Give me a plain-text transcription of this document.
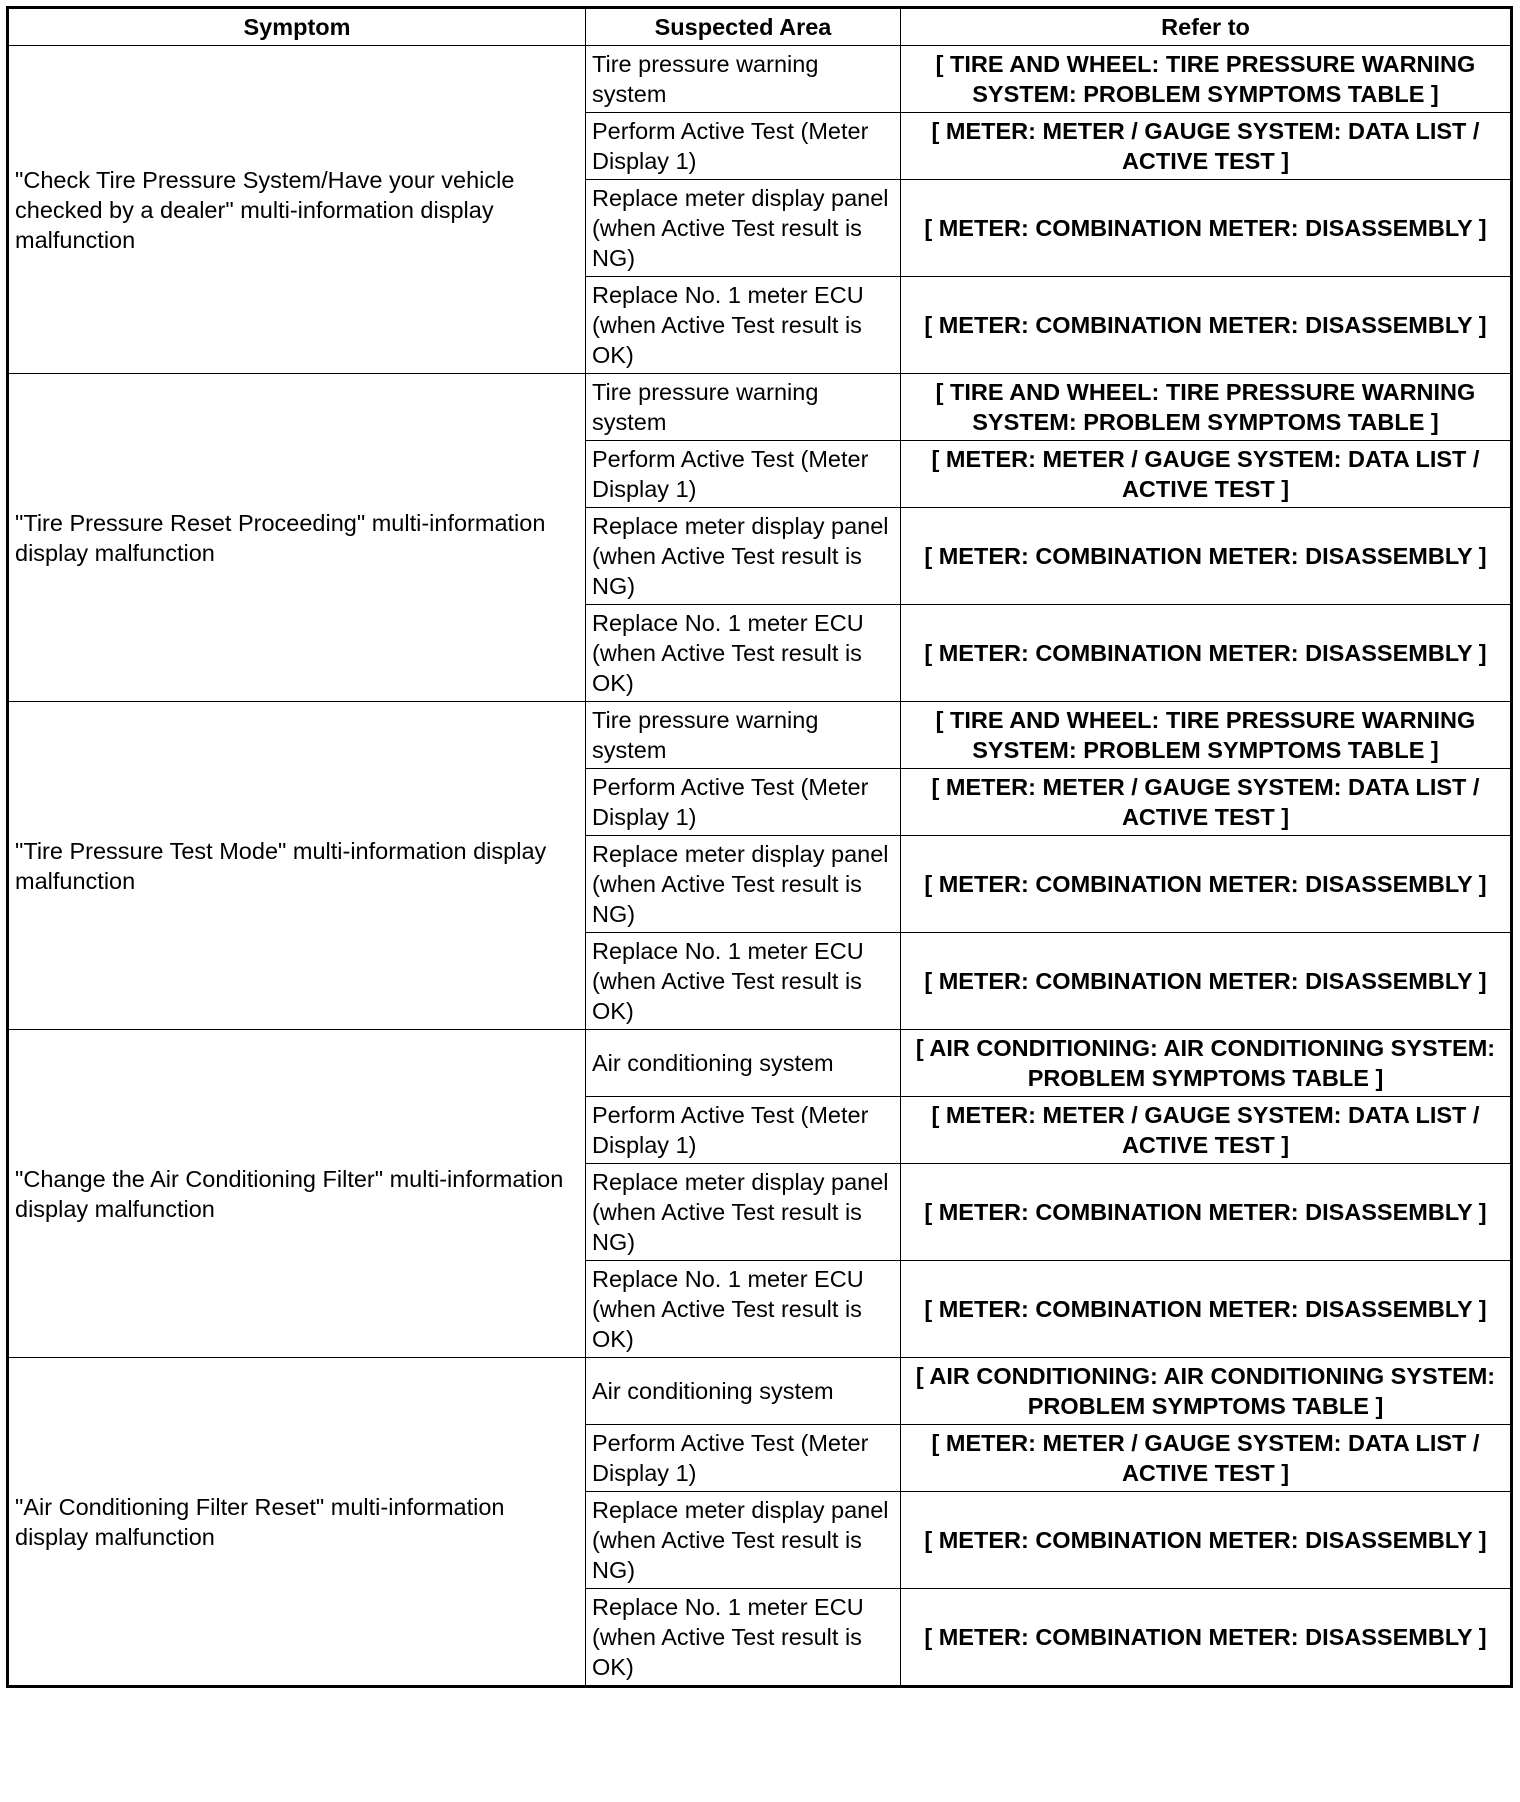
Symptom	Suspected Area	Refer to
"Check Tire Pressure System/Have your vehicle checked by a dealer" multi-information display malfunction	Tire pressure warning system	[ TIRE AND WHEEL: TIRE PRESSURE WARNING SYSTEM: PROBLEM SYMPTOMS TABLE ]
	Perform Active Test (Meter Display 1)	[ METER: METER / GAUGE SYSTEM: DATA LIST / ACTIVE TEST ]
	Replace meter display panel (when Active Test result is NG)	[ METER: COMBINATION METER: DISASSEMBLY ]
	Replace No. 1 meter ECU (when Active Test result is OK)	[ METER: COMBINATION METER: DISASSEMBLY ]
"Tire Pressure Reset Proceeding" multi-information display malfunction	Tire pressure warning system	[ TIRE AND WHEEL: TIRE PRESSURE WARNING SYSTEM: PROBLEM SYMPTOMS TABLE ]
	Perform Active Test (Meter Display 1)	[ METER: METER / GAUGE SYSTEM: DATA LIST / ACTIVE TEST ]
	Replace meter display panel (when Active Test result is NG)	[ METER: COMBINATION METER: DISASSEMBLY ]
	Replace No. 1 meter ECU (when Active Test result is OK)	[ METER: COMBINATION METER: DISASSEMBLY ]
"Tire Pressure Test Mode" multi-information display malfunction	Tire pressure warning system	[ TIRE AND WHEEL: TIRE PRESSURE WARNING SYSTEM: PROBLEM SYMPTOMS TABLE ]
	Perform Active Test (Meter Display 1)	[ METER: METER / GAUGE SYSTEM: DATA LIST / ACTIVE TEST ]
	Replace meter display panel (when Active Test result is NG)	[ METER: COMBINATION METER: DISASSEMBLY ]
	Replace No. 1 meter ECU (when Active Test result is OK)	[ METER: COMBINATION METER: DISASSEMBLY ]
"Change the Air Conditioning Filter" multi-information display malfunction	Air conditioning system	[ AIR CONDITIONING: AIR CONDITIONING SYSTEM: PROBLEM SYMPTOMS TABLE ]
	Perform Active Test (Meter Display 1)	[ METER: METER / GAUGE SYSTEM: DATA LIST / ACTIVE TEST ]
	Replace meter display panel (when Active Test result is NG)	[ METER: COMBINATION METER: DISASSEMBLY ]
	Replace No. 1 meter ECU (when Active Test result is OK)	[ METER: COMBINATION METER: DISASSEMBLY ]
"Air Conditioning Filter Reset" multi-information display malfunction	Air conditioning system	[ AIR CONDITIONING: AIR CONDITIONING SYSTEM: PROBLEM SYMPTOMS TABLE ]
	Perform Active Test (Meter Display 1)	[ METER: METER / GAUGE SYSTEM: DATA LIST / ACTIVE TEST ]
	Replace meter display panel (when Active Test result is NG)	[ METER: COMBINATION METER: DISASSEMBLY ]
	Replace No. 1 meter ECU (when Active Test result is OK)	[ METER: COMBINATION METER: DISASSEMBLY ]
